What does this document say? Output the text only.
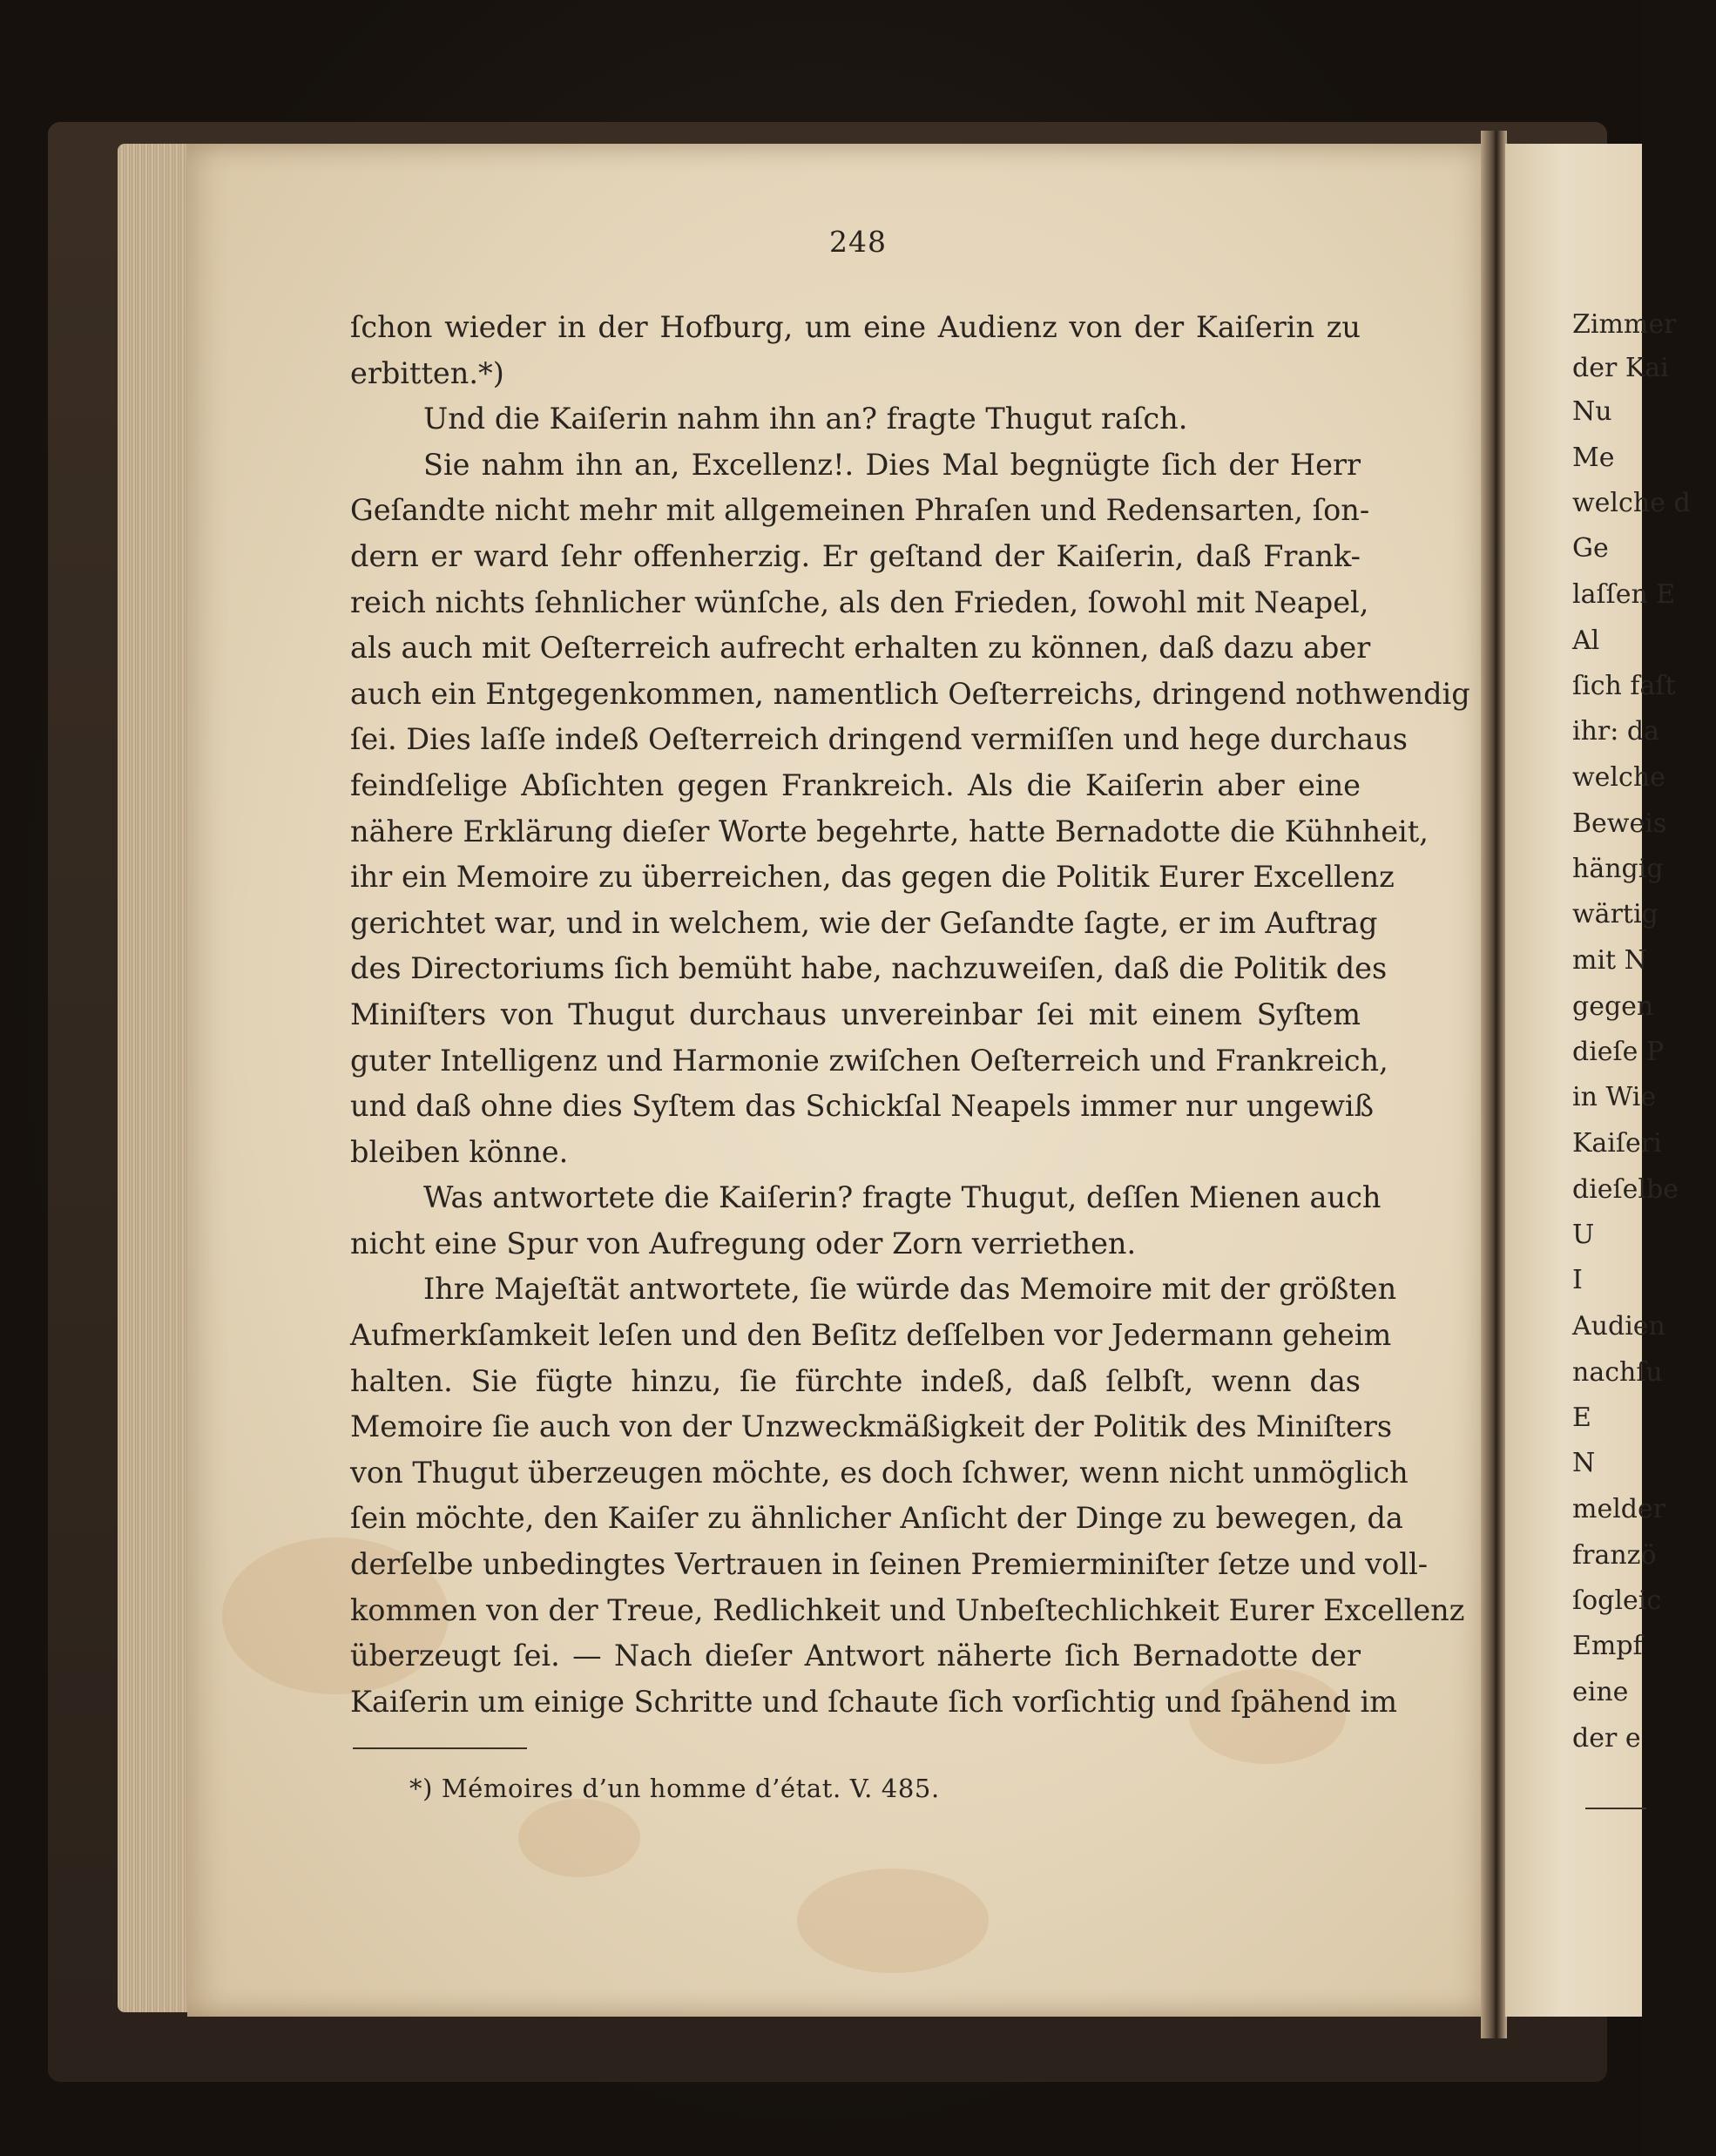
248
ſchon wieder in der Hofburg, um eine Audienz von der Kaiſerin zu
erbitten.*)
Und die Kaiſerin nahm ihn an? fragte Thugut raſch.
Sie nahm ihn an, Excellenz!. Dies Mal begnügte ſich der Herr
Geſandte nicht mehr mit allgemeinen Phraſen und Redensarten, ſon-
dern er ward ſehr offenherzig. Er geſtand der Kaiſerin, daß Frank-
reich nichts ſehnlicher wünſche, als den Frieden, ſowohl mit Neapel,
als auch mit Oeſterreich aufrecht erhalten zu können, daß dazu aber
auch ein Entgegenkommen, namentlich Oeſterreichs, dringend nothwendig
ſei. Dies laſſe indeß Oeſterreich dringend vermiſſen und hege durchaus
feindſelige Abſichten gegen Frankreich. Als die Kaiſerin aber eine
nähere Erklärung dieſer Worte begehrte, hatte Bernadotte die Kühnheit,
ihr ein Memoire zu überreichen, das gegen die Politik Eurer Excellenz
gerichtet war, und in welchem, wie der Geſandte ſagte, er im Auftrag
des Directoriums ſich bemüht habe, nachzuweiſen, daß die Politik des
Miniſters von Thugut durchaus unvereinbar ſei mit einem Syſtem
guter Intelligenz und Harmonie zwiſchen Oeſterreich und Frankreich,
und daß ohne dies Syſtem das Schickſal Neapels immer nur ungewiß
bleiben könne.
Was antwortete die Kaiſerin? fragte Thugut, deſſen Mienen auch
nicht eine Spur von Aufregung oder Zorn verriethen.
Ihre Majeſtät antwortete, ſie würde das Memoire mit der größten
Aufmerkſamkeit leſen und den Beſitz deſſelben vor Jedermann geheim
halten. Sie fügte hinzu, ſie fürchte indeß, daß ſelbſt, wenn das
Memoire ſie auch von der Unzweckmäßigkeit der Politik des Miniſters
von Thugut überzeugen möchte, es doch ſchwer, wenn nicht unmöglich
ſein möchte, den Kaiſer zu ähnlicher Anſicht der Dinge zu bewegen, da
derſelbe unbedingtes Vertrauen in ſeinen Premierminiſter ſetze und voll-
kommen von der Treue, Redlichkeit und Unbeſtechlichkeit Eurer Excellenz
überzeugt ſei. — Nach dieſer Antwort näherte ſich Bernadotte der
Kaiſerin um einige Schritte und ſchaute ſich vorſichtig und ſpähend im
*) Mémoires d’un homme d’état. V. 485.
Zimmer
der Kai
Nu
Me
welche d
Ge
laſſen E
Al
ſich faſt
ihr: da
welche
Beweis
hängig
wärtig
mit N
gegen
dieſe P
in Wie
Kaiſeri
dieſelbe
U
I
Audien
nachſu
E
N
melder
franzö
ſogleic
Empf
eine
der e
